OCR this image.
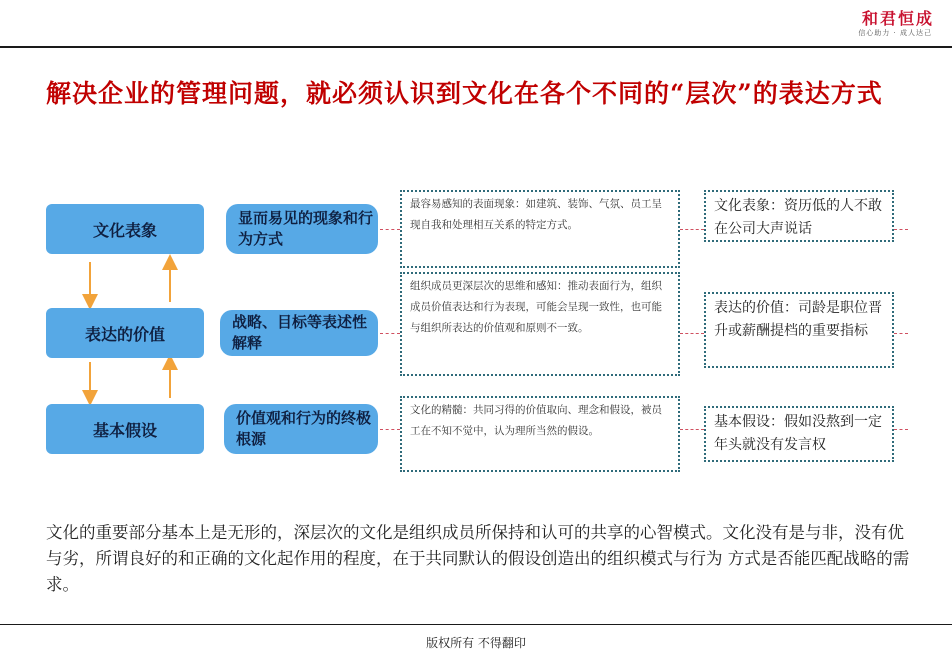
和君恒成
信心助力 · 成人达己
解决企业的管理问题，就必须认识到文化在各个不同的“层次”的表达方式
文化表象
显而易见的现象和行为方式
最容易感知的表面现象：如建筑、装饰、气氛、员工呈现自我和处理相互关系的特定方式。
文化表象：资历低的人不敢在公司大声说话
表达的价值
战略、目标等表述性解释
组织成员更深层次的思维和感知：推动表面行为，组织成员价值表达和行为表现，可能会呈现一致性，也可能与组织所表达的价值观和原则不一致。
表达的价值：司龄是职位晋升或薪酬提档的重要指标
基本假设
价值观和行为的终极根源
文化的精髓：共同习得的价值取向、理念和假设，被员工在不知不觉中，认为理所当然的假设。
基本假设：假如没熬到一定年头就没有发言权
文化的重要部分基本上是无形的，深层次的文化是组织成员所保持和认可的共享的心智模式。文化没有是与非，没有优与劣，所谓良好的和正确的文化起作用的程度，在于共同默认的假设创造出的组织模式与行为 方式是否能匹配战略的需求。
版权所有 不得翻印
